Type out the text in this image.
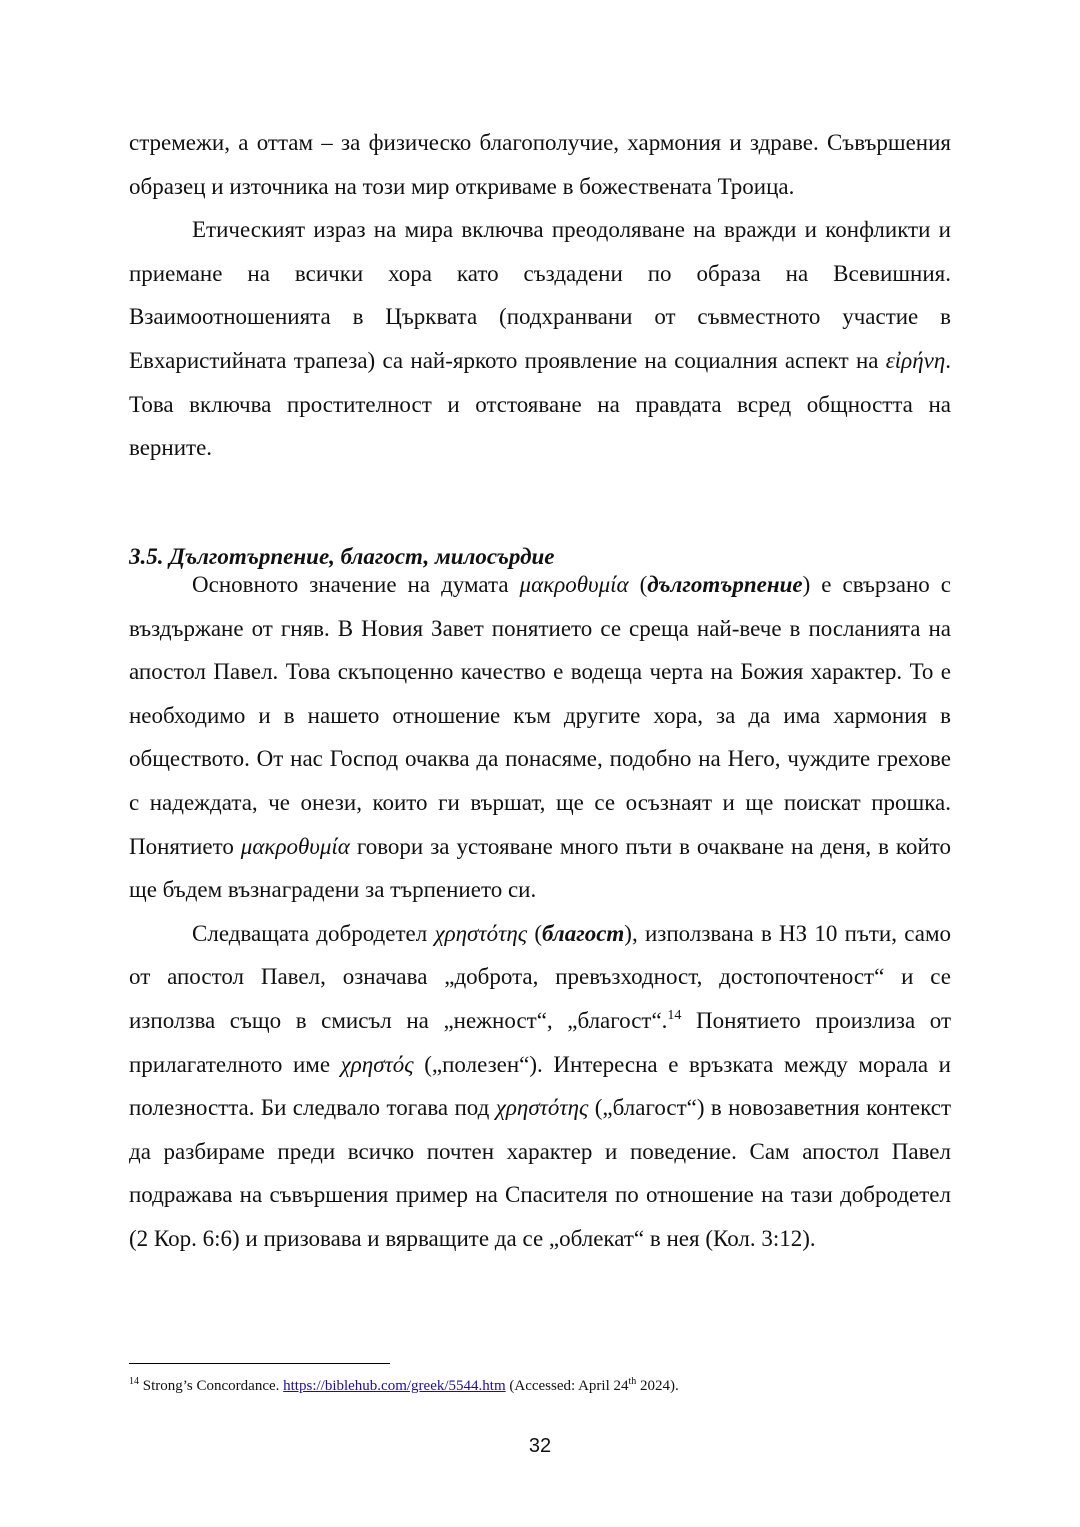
стремежи, а оттам – за физическо благополучие, хармония и здраве. Съвършения образец и източника на този мир откриваме в божествената Троица.

Етическият израз на мира включва преодоляване на вражди и конфликти и приемане на всички хора като създадени по образа на Всевишния. Взаимоотношенията в Църквата (подхранвани от съвместното участие в Евхаристийната трапеза) са най-яркото проявление на социалния аспект на εἰρήνη. Това включва простителност и отстояване на правдата всред общността на верните.

3.5. Дълготърпение, благост, милосърдие

Основното значение на думата μακροθυμία (дълготърпение) е свързано с въздържане от гняв. В Новия Завет понятието се среща най-вече в посланията на апостол Павел. Това скъпоценно качество е водеща черта на Божия характер. То е необходимо и в нашето отношение към другите хора, за да има хармония в обществото. От нас Господ очаква да понасяме, подобно на Него, чуждите грехове с надеждата, че онези, които ги вършат, ще се осъзнаят и ще поискат прошка. Понятието μακροθυμία говори за устояване много пъти в очакване на деня, в който ще бъдем възнаградени за търпението си.

Следващата добродетел χρηστότης (благост), използвана в НЗ 10 пъти, само от апостол Павел, означава „доброта, превъзходност, достопочтеност“ и се използва също в смисъл на „нежност“, „благост“.$^{14}$ Понятието произлиза от прилагателното име χρηστός („полезен“). Интересна е връзката между морала и полезността. Би следвало тогава под χρηστότης („благост“) в новозаветния контекст да разбираме преди всичко почтен характер и поведение. Сам апостол Павел подражава на съвършения пример на Спасителя по отношение на тази добродетел (2 Кор. 6:6) и призовава и вярващите да се „облекат“ в нея (Кол. 3:12).

$^{14}$ Strong’s Concordance. https://biblehub.com/greek/5544.htm (Accessed: April 24th 2024).

32
